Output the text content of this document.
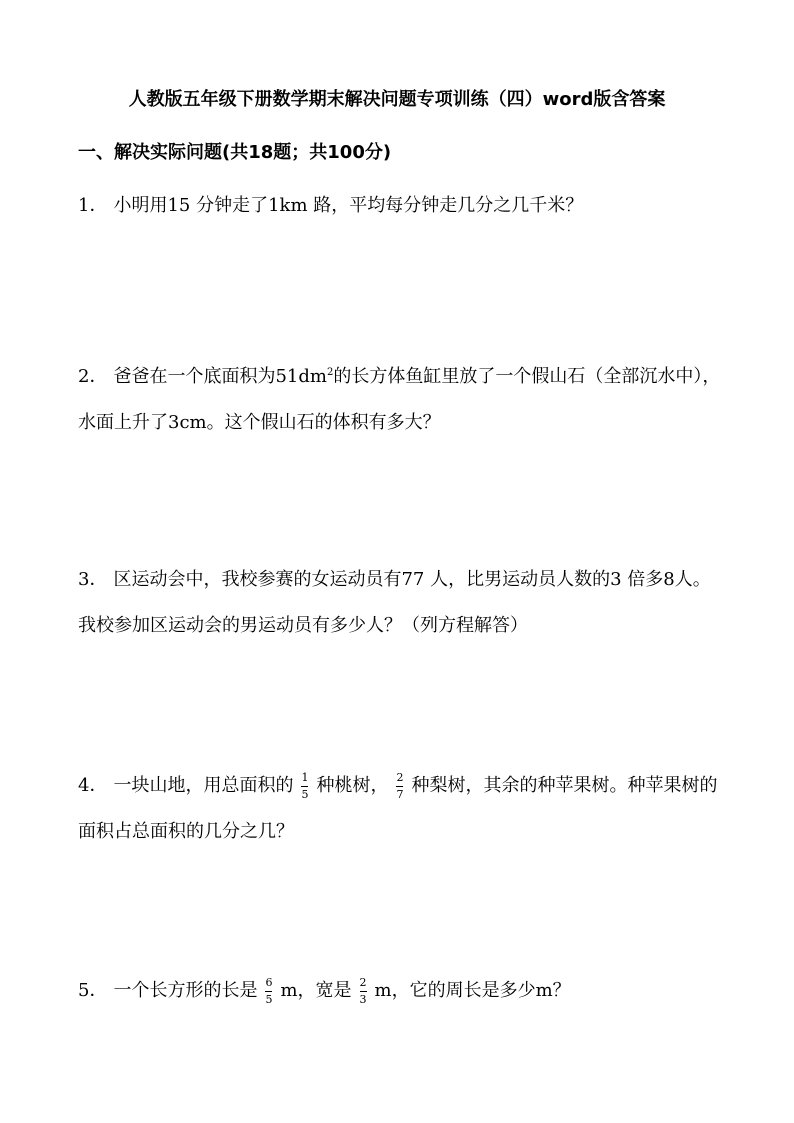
人教版五年级下册数学期末解决问题专项训练（四）word版含答案
一、解决实际问题(共18题；共100分)
1． 小明用15 分钟走了1km 路，平均每分钟走几分之几千米？
2． 爸爸在一个底面积为$51dm^2$的长方体鱼缸里放了一个假山石（全部沉水中），水面上升了3cm。这个假山石的体积有多大？
3． 区运动会中，我校参赛的女运动员有77 人，比男运动员人数的3 倍多8人。我校参加区运动会的男运动员有多少人？（列方程解答）
4． 一块山地，用总面积的 $\frac{1}{5}$ 种桃树， $\frac{2}{7}$ 种梨树，其余的种苹果树。种苹果树的面积占总面积的几分之几？
5． 一个长方形的长是 $\frac{6}{5}$ m，宽是 $\frac{2}{3}$ m，它的周长是多少m？
